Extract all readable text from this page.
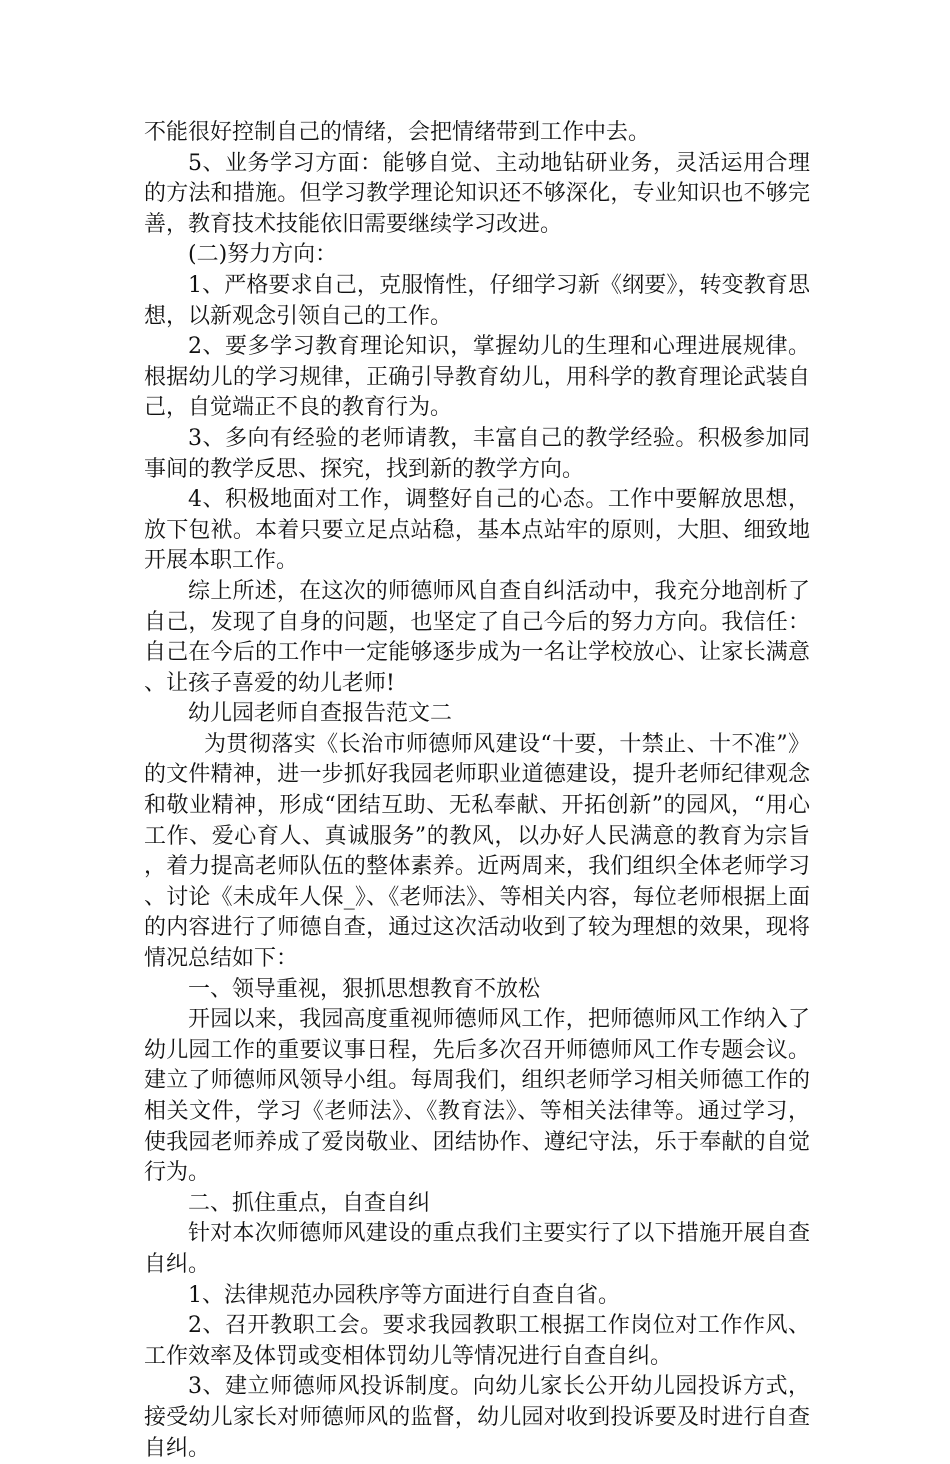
不能很好控制自己的情绪，会把情绪带到工作中去。

5、业务学习方面：能够自觉、主动地钻研业务，灵活运用合理的方法和措施。但学习教学理论知识还不够深化，专业知识也不够完善，教育技术技能依旧需要继续学习改进。

(二)努力方向：

1、严格要求自己，克服惰性，仔细学习新《纲要》，转变教育思想，以新观念引领自己的工作。

2、要多学习教育理论知识，掌握幼儿的生理和心理进展规律。根据幼儿的学习规律，正确引导教育幼儿，用科学的教育理论武装自己，自觉端正不良的教育行为。

3、多向有经验的老师请教，丰富自己的教学经验。积极参加同事间的教学反思、探究，找到新的教学方向。

4、积极地面对工作，调整好自己的心态。工作中要解放思想，放下包袱。本着只要立足点站稳，基本点站牢的原则，大胆、细致地开展本职工作。

综上所述，在这次的师德师风自查自纠活动中，我充分地剖析了自己，发现了自身的问题，也坚定了自己今后的努力方向。我信任：自己在今后的工作中一定能够逐步成为一名让学校放心、让家长满意、让孩子喜爱的幼儿老师!

幼儿园老师自查报告范文二

为贯彻落实《长治市师德师风建设“十要，十禁止、十不准”》的文件精神，进一步抓好我园老师职业道德建设，提升老师纪律观念和敬业精神，形成“团结互助、无私奉献、开拓创新”的园风，“用心工作、爱心育人、真诚服务”的教风，以办好人民满意的教育为宗旨，着力提高老师队伍的整体素养。近两周来，我们组织全体老师学习、讨论《未成年人保_》、《老师法》、等相关内容，每位老师根据上面的内容进行了师德自查，通过这次活动收到了较为理想的效果，现将情况总结如下：

一、领导重视，狠抓思想教育不放松

开园以来，我园高度重视师德师风工作，把师德师风工作纳入了幼儿园工作的重要议事日程，先后多次召开师德师风工作专题会议。建立了师德师风领导小组。每周我们，组织老师学习相关师德工作的相关文件，学习《老师法》、《教育法》、等相关法律等。通过学习，使我园老师养成了爱岗敬业、团结协作、遵纪守法，乐于奉献的自觉行为。

二、抓住重点，自查自纠

针对本次师德师风建设的重点我们主要实行了以下措施开展自查自纠。

1、法律规范办园秩序等方面进行自查自省。

2、召开教职工会。要求我园教职工根据工作岗位对工作作风、工作效率及体罚或变相体罚幼儿等情况进行自查自纠。

3、建立师德师风投诉制度。向幼儿家长公开幼儿园投诉方式，接受幼儿家长对师德师风的监督，幼儿园对收到投诉要及时进行自查自纠。
